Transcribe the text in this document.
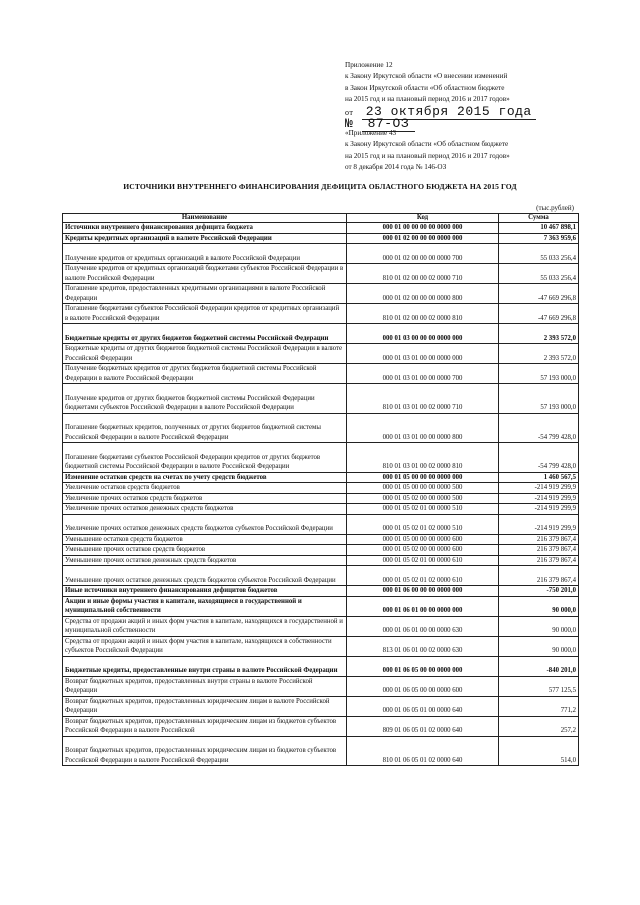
Приложение 12
к Закону Иркутской области «О внесении изменений
в Закон Иркутской области «Об областном бюджете
на 2015 год и на плановый период 2016 и 2017 годов»
от 23 октября 2015 года
№ 87-ОЗ
«Приложение 43
к Закону Иркутской области «Об областном бюджете
на 2015 год и на плановый период 2016 и 2017 годов»
от 8 декабря 2014 года № 146-ОЗ
ИСТОЧНИКИ ВНУТРЕННЕГО ФИНАНСИРОВАНИЯ ДЕФИЦИТА ОБЛАСТНОГО БЮДЖЕТА НА 2015 ГОД
(тыс.рублей)
Наименование	Код	Сумма
Источники внутреннего финансирования дефицита бюджета	000 01 00 00 00 00 0000 000	10 467 898,1
Кредиты кредитных организаций в валюте Российской Федерации	000 01 02 00 00 00 0000 000	7 363 959,6
Получение кредитов от кредитных организаций в валюте Российской Федерации	000 01 02 00 00 00 0000 700	55 033 256,4
Получение кредитов от кредитных организаций бюджетами субъектов Российской Федерации в валюте Российской Федерации	810 01 02 00 00 02 0000 710	55 033 256,4
Погашение кредитов, предоставленных кредитными организациями в валюте Российской Федерации	000 01 02 00 00 00 0000 800	-47 669 296,8
Погашение бюджетами субъектов Российской Федерации кредитов от кредитных организаций в валюте Российской Федерации	810 01 02 00 00 02 0000 810	-47 669 296,8
Бюджетные кредиты от других бюджетов бюджетной системы Российской Федерации	000 01 03 00 00 00 0000 000	2 393 572,0
Бюджетные кредиты от других бюджетов бюджетной системы Российской Федерации в валюте Российской Федерации	000 01 03 01 00 00 0000 000	2 393 572,0
Получение бюджетных кредитов от других бюджетов бюджетной системы Российской Федерации в валюте Российской Федерации	000 01 03 01 00 00 0000 700	57 193 000,0
Получение кредитов от других бюджетов бюджетной системы Российской Федерации бюджетами субъектов Российской Федерации в валюте Российской Федерации	810 01 03 01 00 02 0000 710	57 193 000,0
Погашение бюджетных кредитов, полученных от других бюджетов бюджетной системы Российской Федерации в валюте Российской Федерации	000 01 03 01 00 00 0000 800	-54 799 428,0
Погашение бюджетами субъектов Российской Федерации кредитов от других бюджетов бюджетной системы Российской Федерации в валюте Российской Федерации	810 01 03 01 00 02 0000 810	-54 799 428,0
Изменение остатков средств на счетах по учету средств бюджетов	000 01 05 00 00 00 0000 000	1 460 567,5
Увеличение остатков средств бюджетов	000 01 05 00 00 00 0000 500	-214 919 299,9
Увеличение прочих остатков средств бюджетов	000 01 05 02 00 00 0000 500	-214 919 299,9
Увеличение прочих остатков денежных средств бюджетов	000 01 05 02 01 00 0000 510	-214 919 299,9
Увеличение прочих остатков денежных средств бюджетов субъектов Российской Федерации	000 01 05 02 01 02 0000 510	-214 919 299,9
Уменьшение остатков средств бюджетов	000 01 05 00 00 00 0000 600	216 379 867,4
Уменьшение прочих остатков средств бюджетов	000 01 05 02 00 00 0000 600	216 379 867,4
Уменьшение прочих остатков денежных средств бюджетов	000 01 05 02 01 00 0000 610	216 379 867,4
Уменьшение прочих остатков денежных средств бюджетов субъектов Российской Федерации	000 01 05 02 01 02 0000 610	216 379 867,4
Иные источники внутреннего финансирования дефицитов бюджетов	000 01 06 00 00 00 0000 000	-750 201,0
Акции и иные формы участия в капитале, находящиеся в государственной и муниципальной собственности	000 01 06 01 00 00 0000 000	90 000,0
Средства от продажи акций и иных форм участия в капитале, находящихся в государственной и муниципальной собственности	000 01 06 01 00 00 0000 630	90 000,0
Средства от продажи акций и иных форм участия в капитале, находящихся в собственности субъектов Российской Федерации	813 01 06 01 00 02 0000 630	90 000,0
Бюджетные кредиты, предоставленные внутри страны в валюте Российской Федерации	000 01 06 05 00 00 0000 000	-840 201,0
Возврат бюджетных кредитов, предоставленных внутри страны в валюте Российской Федерации	000 01 06 05 00 00 0000 600	577 125,5
Возврат бюджетных кредитов, предоставленных юридическим лицам в валюте Российской Федерации	000 01 06 05 01 00 0000 640	771,2
Возврат бюджетных кредитов, предоставленных юридическим лицам из бюджетов субъектов Российской Федерации в валюте Российской	809 01 06 05 01 02 0000 640	257,2
Возврат бюджетных кредитов, предоставленных юридическим лицам из бюджетов субъектов Российской Федерации в валюте Российской Федерации	810 01 06 05 01 02 0000 640	514,0
